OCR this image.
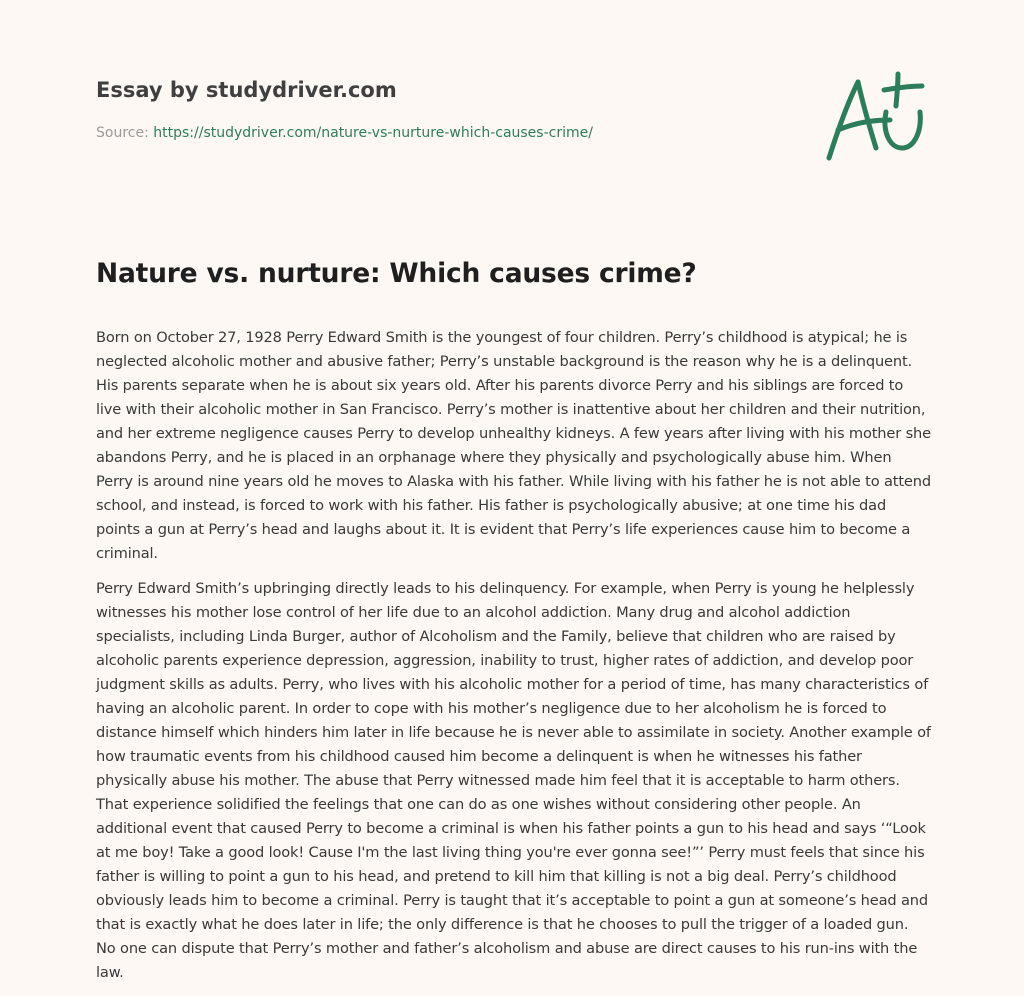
Essay by studydriver.com
Source: https://studydriver.com/nature-vs-nurture-which-causes-crime/
Nature vs. nurture: Which causes crime?

Born on October 27, 1928 Perry Edward Smith is the youngest of four children. Perry’s childhood is atypical; he is neglected alcoholic mother and abusive father; Perry’s unstable background is the reason why he is a delinquent. His parents separate when he is about six years old. After his parents divorce Perry and his siblings are forced to live with their alcoholic mother in San Francisco. Perry’s mother is inattentive about her children and their nutrition, and her extreme negligence causes Perry to develop unhealthy kidneys. A few years after living with his mother she abandons Perry, and he is placed in an orphanage where they physically and psychologically abuse him. When Perry is around nine years old he moves to Alaska with his father. While living with his father he is not able to attend school, and instead, is forced to work with his father. His father is psychologically abusive; at one time his dad points a gun at Perry’s head and laughs about it. It is evident that Perry’s life experiences cause him to become a criminal.

Perry Edward Smith’s upbringing directly leads to his delinquency. For example, when Perry is young he helplessly witnesses his mother lose control of her life due to an alcohol addiction. Many drug and alcohol addiction specialists, including Linda Burger, author of Alcoholism and the Family, believe that children who are raised by alcoholic parents experience depression, aggression, inability to trust, higher rates of addiction, and develop poor judgment skills as adults. Perry, who lives with his alcoholic mother for a period of time, has many characteristics of having an alcoholic parent. In order to cope with his mother’s negligence due to her alcoholism he is forced to distance himself which hinders him later in life because he is never able to assimilate in society. Another example of how traumatic events from his childhood caused him become a delinquent is when he witnesses his father physically abuse his mother. The abuse that Perry witnessed made him feel that it is acceptable to harm others. That experience solidified the feelings that one can do as one wishes without considering other people. An additional event that caused Perry to become a criminal is when his father points a gun to his head and says ‘“Look at me boy! Take a good look! Cause I'm the last living thing you're ever gonna see!”’ Perry must feels that since his father is willing to point a gun to his head, and pretend to kill him that killing is not a big deal. Perry’s childhood obviously leads him to become a criminal. Perry is taught that it’s acceptable to point a gun at someone’s head and that is exactly what he does later in life; the only difference is that he chooses to pull the trigger of a loaded gun. No one can dispute that Perry’s mother and father’s alcoholism and abuse are direct causes to his run-ins with the law.
